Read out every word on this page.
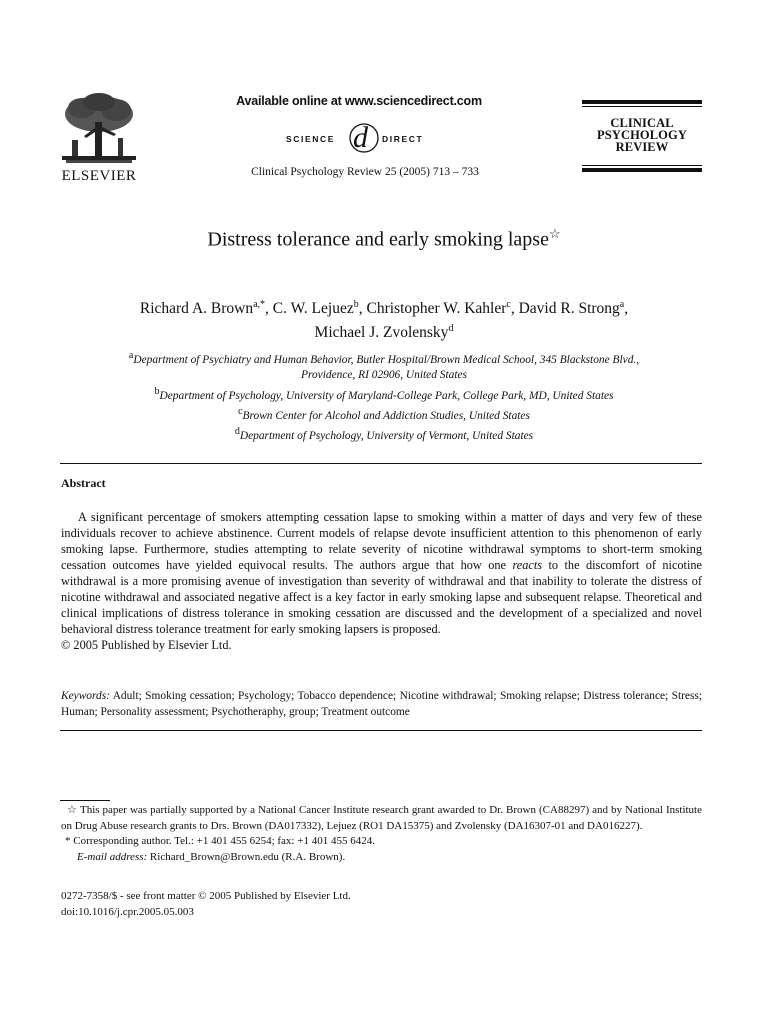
ELSEVIER
Available online at www.sciencedirect.com
SCIENCE d DIRECT
Clinical Psychology Review 25 (2005) 713 – 733
CLINICAL
PSYCHOLOGY
REVIEW
Distress tolerance and early smoking lapse☆
Richard A. Brown$^{a,*}$, C. W. Lejuez$^b$, Christopher W. Kahler$^c$, David R. Strong$^a$,
Michael J. Zvolensky$^d$
$^a$Department of Psychiatry and Human Behavior, Butler Hospital/Brown Medical School, 345 Blackstone Blvd.,
Providence, RI 02906, United States
$^b$Department of Psychology, University of Maryland-College Park, College Park, MD, United States
$^c$Brown Center for Alcohol and Addiction Studies, United States
$^d$Department of Psychology, University of Vermont, United States
Abstract

A significant percentage of smokers attempting cessation lapse to smoking within a matter of days and very few of these individuals recover to achieve abstinence. Current models of relapse devote insufficient attention to this phenomenon of early smoking lapse. Furthermore, studies attempting to relate severity of nicotine withdrawal symptoms to short-term smoking cessation outcomes have yielded equivocal results. The authors argue that how one reacts to the discomfort of nicotine withdrawal is a more promising avenue of investigation than severity of withdrawal and that inability to tolerate the distress of nicotine withdrawal and associated negative affect is a key factor in early smoking lapse and subsequent relapse. Theoretical and clinical implications of distress tolerance in smoking cessation are discussed and the development of a specialized and novel behavioral distress tolerance treatment for early smoking lapsers is proposed.

© 2005 Published by Elsevier Ltd.

Keywords: Adult; Smoking cessation; Psychology; Tobacco dependence; Nicotine withdrawal; Smoking relapse; Distress tolerance; Stress; Human; Personality assessment; Psychotheraphy, group; Treatment outcome

☆ This paper was partially supported by a National Cancer Institute research grant awarded to Dr. Brown (CA88297) and by National Institute on Drug Abuse research grants to Drs. Brown (DA017332), Lejuez (RO1 DA15375) and Zvolensky (DA16307-01 and DA016227).

* Corresponding author. Tel.: +1 401 455 6254; fax: +1 401 455 6424.

E-mail address: Richard_Brown@Brown.edu (R.A. Brown).

0272-7358/$ - see front matter © 2005 Published by Elsevier Ltd.
doi:10.1016/j.cpr.2005.05.003
